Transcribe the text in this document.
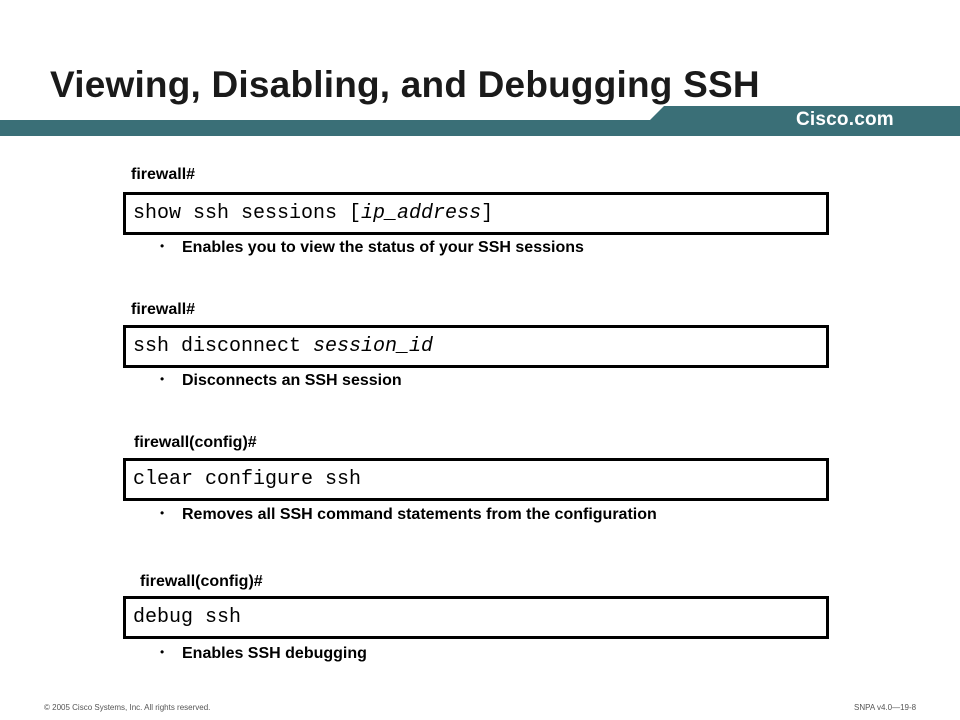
Viewing, Disabling, and Debugging SSH
Cisco.com
firewall#
show ssh sessions [ ip_address ]
• Enables you to view the status of your SSH sessions
firewall#
ssh disconnect session_id
• Disconnects an SSH session
firewall(config)#
clear configure ssh
• Removes all SSH command statements from the configuration
firewall(config)#
debug ssh
• Enables SSH debugging
© 2005 Cisco Systems, Inc. All rights reserved.	SNPA v4.0—19-8
